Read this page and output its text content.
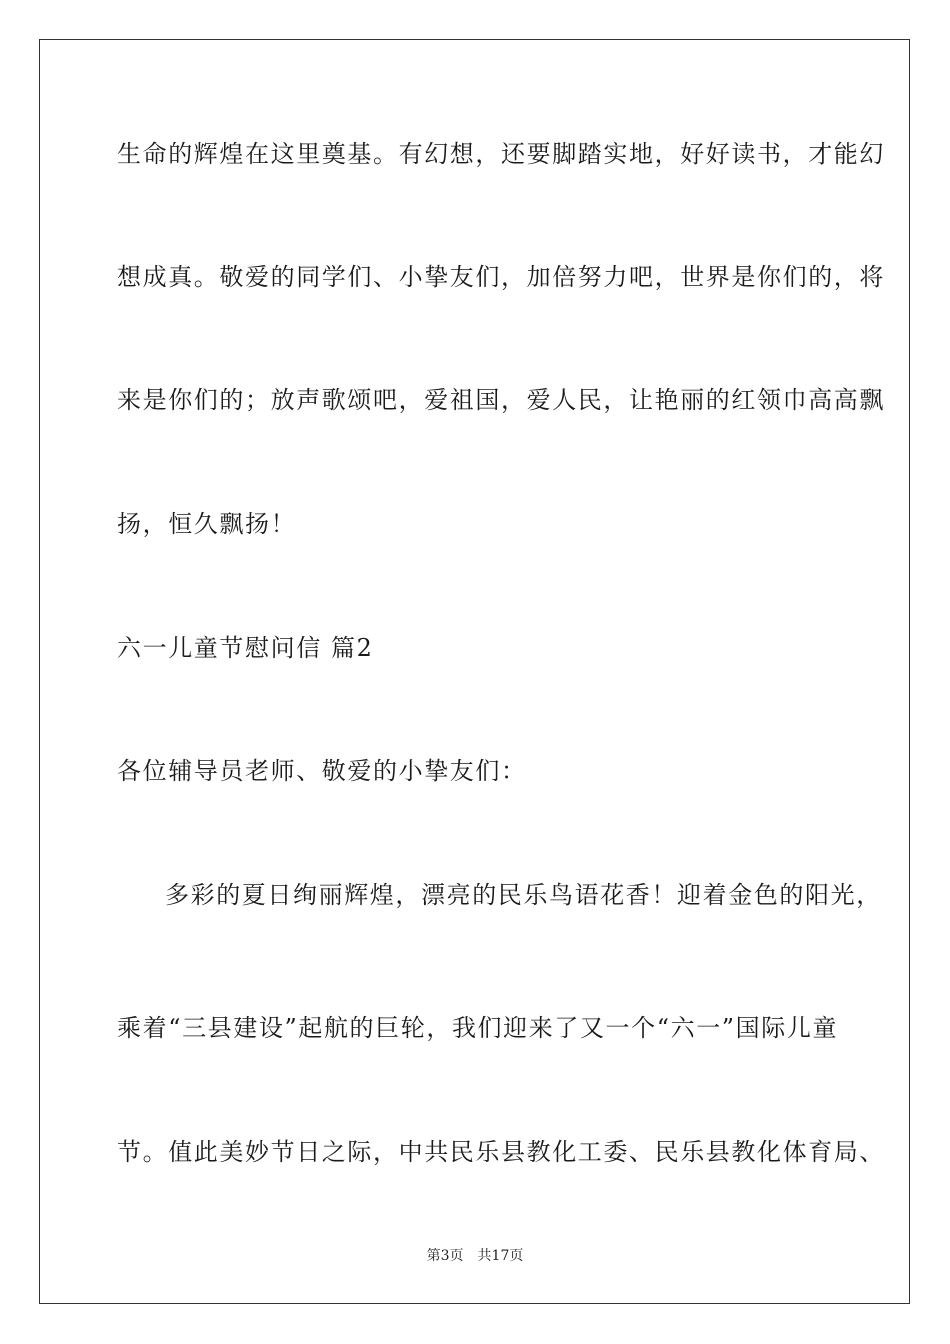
生命的辉煌在这里奠基。有幻想，还要脚踏实地，好好读书，才能幻
想成真。敬爱的同学们、小挚友们，加倍努力吧，世界是你们的，将
来是你们的；放声歌颂吧，爱祖国，爱人民，让艳丽的红领巾高高飘
扬，恒久飘扬！
六一儿童节慰问信 篇2
各位辅导员老师、敬爱的小挚友们：
多彩的夏日绚丽辉煌，漂亮的民乐鸟语花香！迎着金色的阳光，
乘着“三县建设”起航的巨轮，我们迎来了又一个“六一”国际儿童
节。值此美妙节日之际，中共民乐县教化工委、民乐县教化体育局、
第3页 共17页
